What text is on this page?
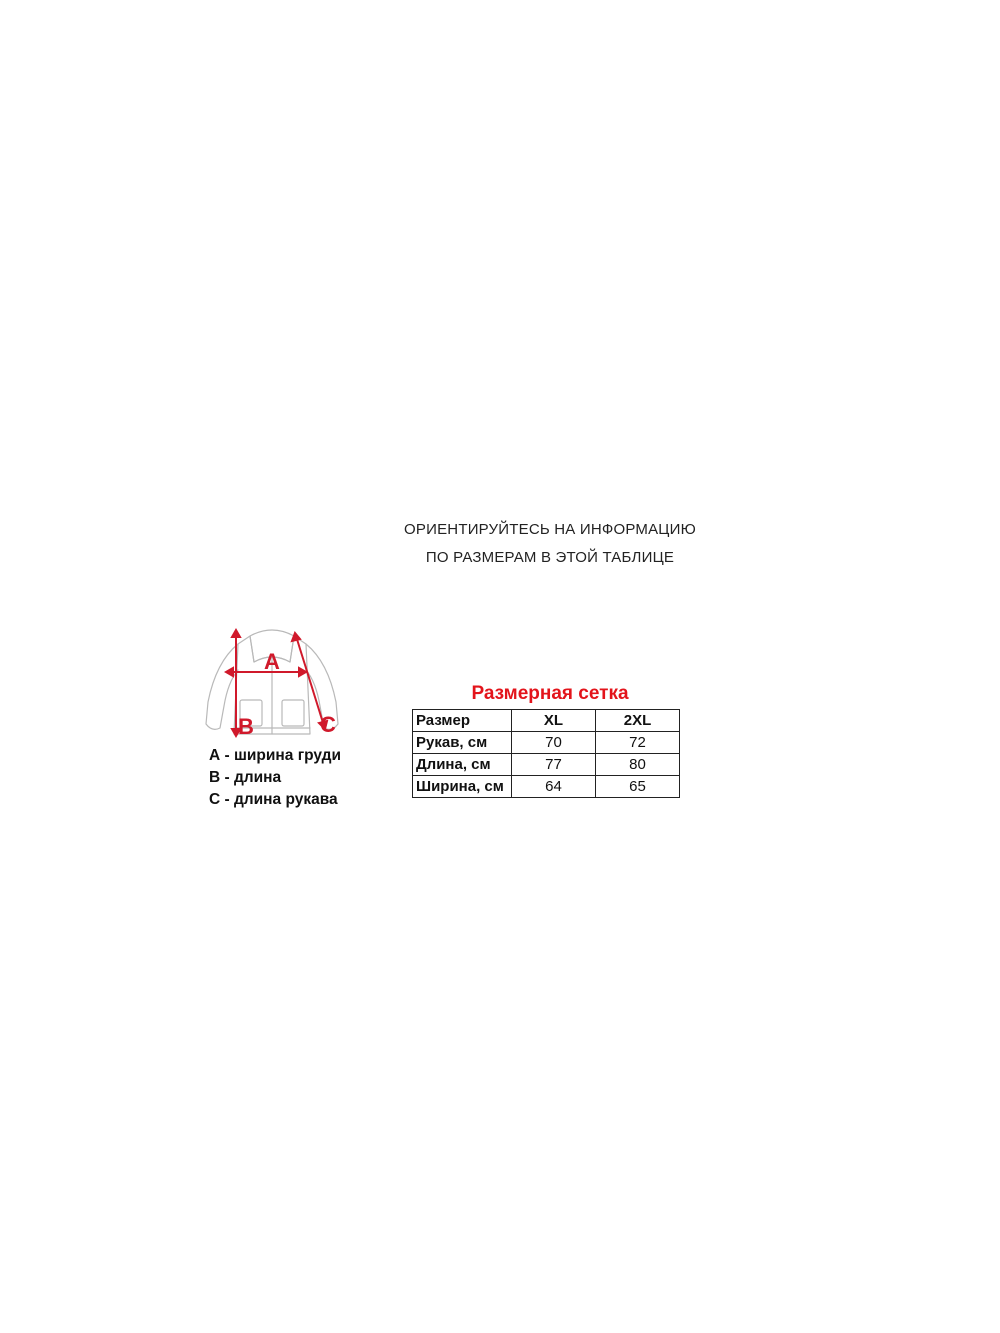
ОРИЕНТИРУЙТЕСЬ НА ИНФОРМАЦИЮ
ПО РАЗМЕРАМ В ЭТОЙ ТАБЛИЦЕ
A
B	C
А - ширина груди
В - длина
С - длина рукава
Размерная сетка
Размер	XL	2XL
Рукав, см	70	72
Длина, см	77	80
Ширина, см	64	65
